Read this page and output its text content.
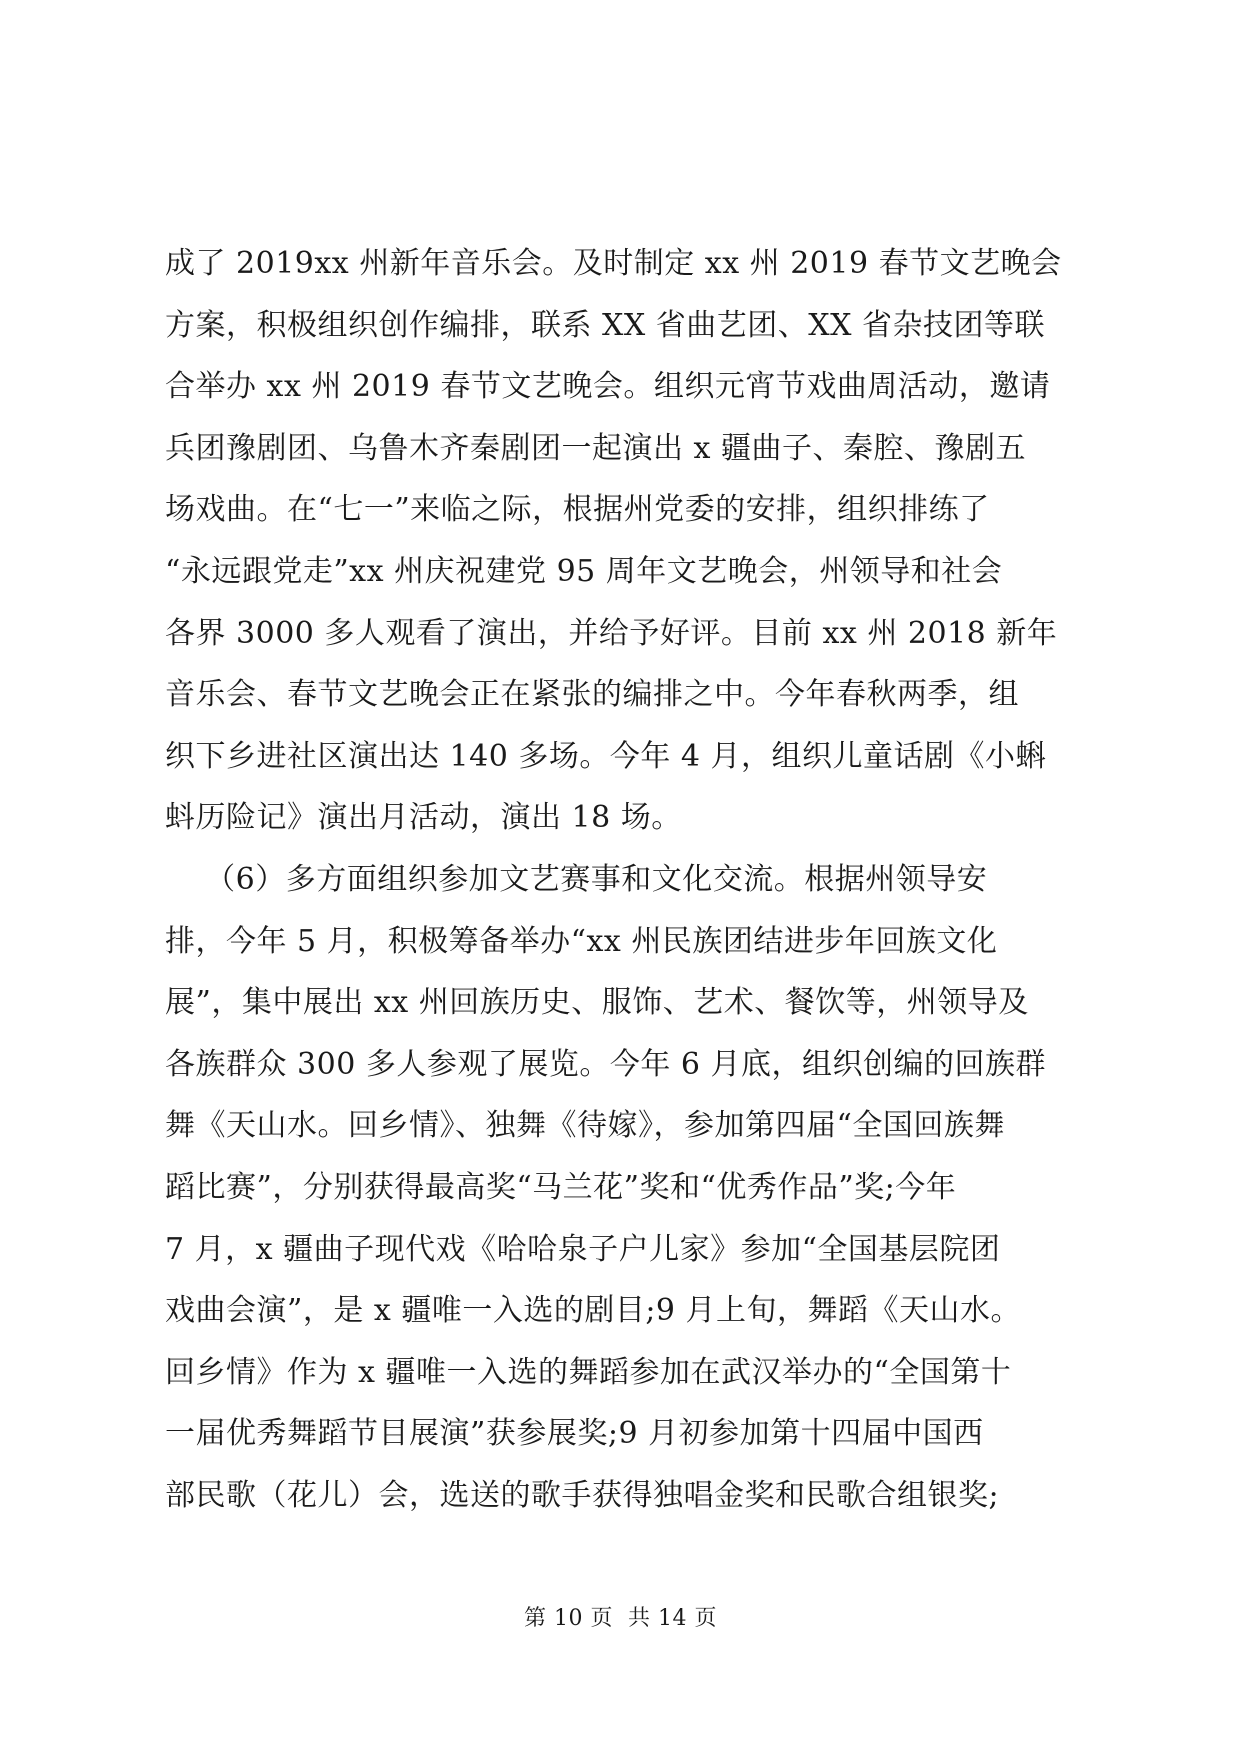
成了 2019xx 州新年音乐会。及时制定 xx 州 2019 春节文艺晚会
方案，积极组织创作编排，联系 XX 省曲艺团、XX 省杂技团等联
合举办 xx 州 2019 春节文艺晚会。组织元宵节戏曲周活动，邀请
兵团豫剧团、乌鲁木齐秦剧团一起演出 x 疆曲子、秦腔、豫剧五
场戏曲。在“七一”来临之际，根据州党委的安排，组织排练了
“永远跟党走”xx 州庆祝建党 95 周年文艺晚会，州领导和社会
各界 3000 多人观看了演出，并给予好评。目前 xx 州 2018 新年
音乐会、春节文艺晚会正在紧张的编排之中。今年春秋两季，组
织下乡进社区演出达 140 多场。今年 4 月，组织儿童话剧《小蝌
蚪历险记》演出月活动，演出 18 场。
（6）多方面组织参加文艺赛事和文化交流。根据州领导安
排，今年 5 月，积极筹备举办“xx 州民族团结进步年回族文化
展”，集中展出 xx 州回族历史、服饰、艺术、餐饮等，州领导及
各族群众 300 多人参观了展览。今年 6 月底，组织创编的回族群
舞《天山水。回乡情》、独舞《待嫁》，参加第四届“全国回族舞
蹈比赛”，分别获得最高奖“马兰花”奖和“优秀作品”奖;今年
7 月，x 疆曲子现代戏《哈哈泉子户儿家》参加“全国基层院团
戏曲会演”，是 x 疆唯一入选的剧目;9 月上旬，舞蹈《天山水。
回乡情》作为 x 疆唯一入选的舞蹈参加在武汉举办的“全国第十
一届优秀舞蹈节目展演”获参展奖;9 月初参加第十四届中国西
部民歌（花儿）会，选送的歌手获得独唱金奖和民歌合组银奖;
第 10 页  共 14 页
